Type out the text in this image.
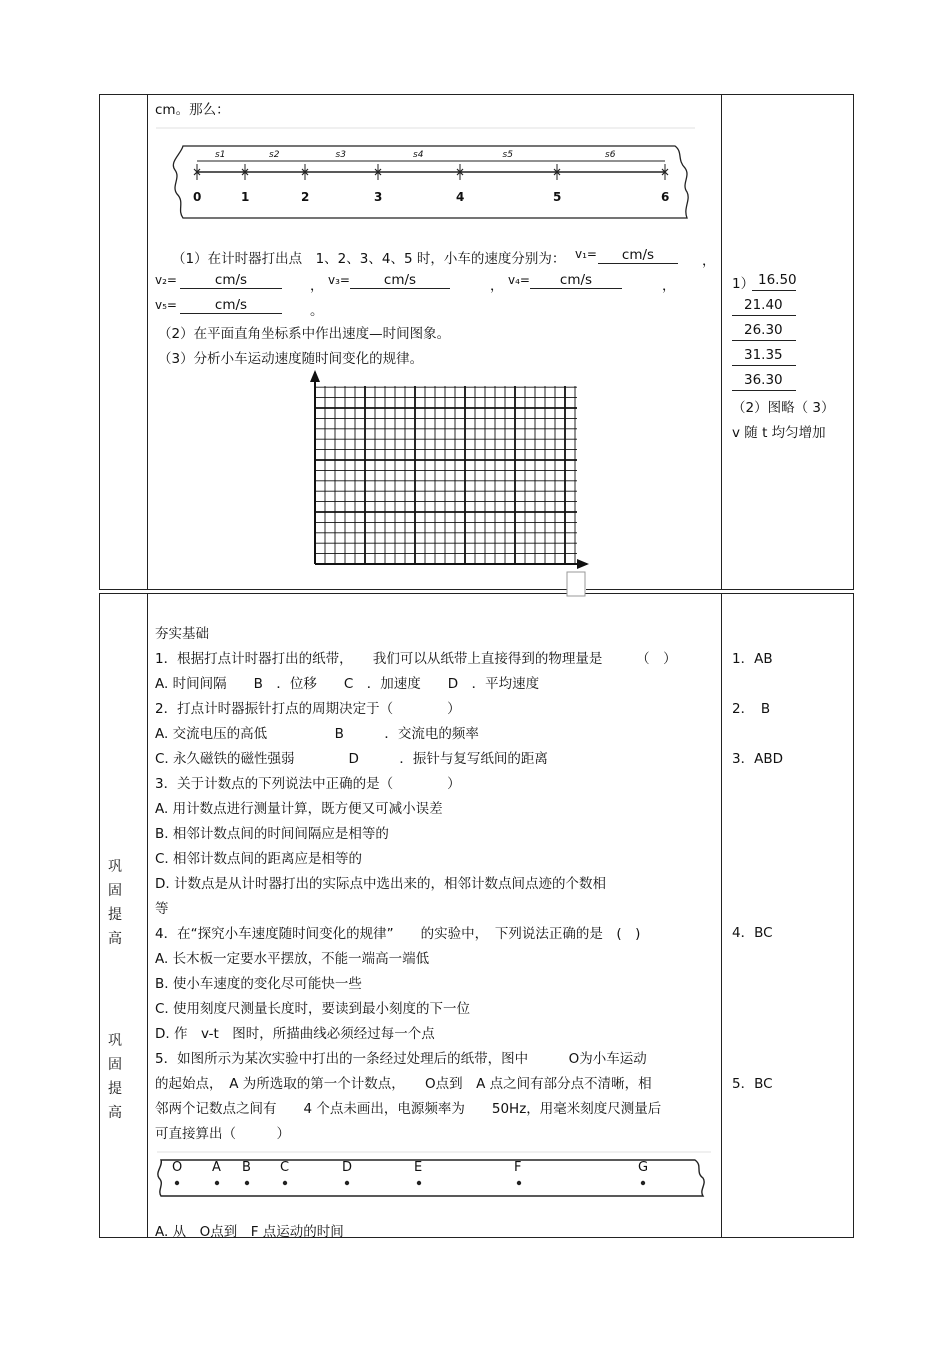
cm。那么：
s1	s2	s3	s4	s5	s6
0	1	2	3	4	5	6
（1）在计时器打出点　1、2、3、4、5 时，小车的速度分别为： v₁=	cm/s	，
v₂=	cm/s	， v₃=	cm/s	， v₄=	cm/s	，
v₅=	cm/s	。
（2）在平面直角坐标系中作出速度—时间图象。
（3）分析小车运动速度随时间变化的规律。
1） 16.50
21.40
26.30
31.35
36.30
（2）图略（ 3）
v 随 t 均匀增加
巩
固
提
高
巩
固
提
高
夯实基础
1．根据打点计时器打出的纸带，　　我们可以从纸带上直接得到的物理量是　　　（　）
A. 时间间隔　　B　．位移　　C　．加速度　　D　．平均速度
2．打点计时器振针打点的周期决定于（　　　　）
A. 交流电压的高低　　　　　B　　　．交流电的频率
C. 永久磁铁的磁性强弱　　　　D　　　．振针与复写纸间的距离
3．关于计数点的下列说法中正确的是（　　　　）
A. 用计数点进行测量计算，既方便又可减小误差
B. 相邻计数点间的时间间隔应是相等的
C. 相邻计数点间的距离应是相等的
D. 计数点是从计时器打出的实际点中选出来的，相邻计数点间点迹的个数相
等
4．在“探究小车速度随时间变化的规律”　　的实验中，　下列说法正确的是　(　)
A. 长木板一定要水平摆放，不能一端高一端低
B. 使小车速度的变化尽可能快一些
C. 使用刻度尺测量长度时，要读到最小刻度的下一位
D. 作　v-t　图时，所描曲线必须经过每一个点
5．如图所示为某次实验中打出的一条经过处理后的纸带，图中　　　O为小车运动
的起始点，　A 为所选取的第一个计数点，　　O点到　A 点之间有部分点不清晰，相
邻两个记数点之间有　　4 个点未画出，电源频率为　　50Hz，用毫米刻度尺测量后
可直接算出（　　　）
O A B C	D	E	F	G
A. 从　O点到　F 点运动的时间
1．AB
2．　B
3．ABD
4．BC
5．BC
